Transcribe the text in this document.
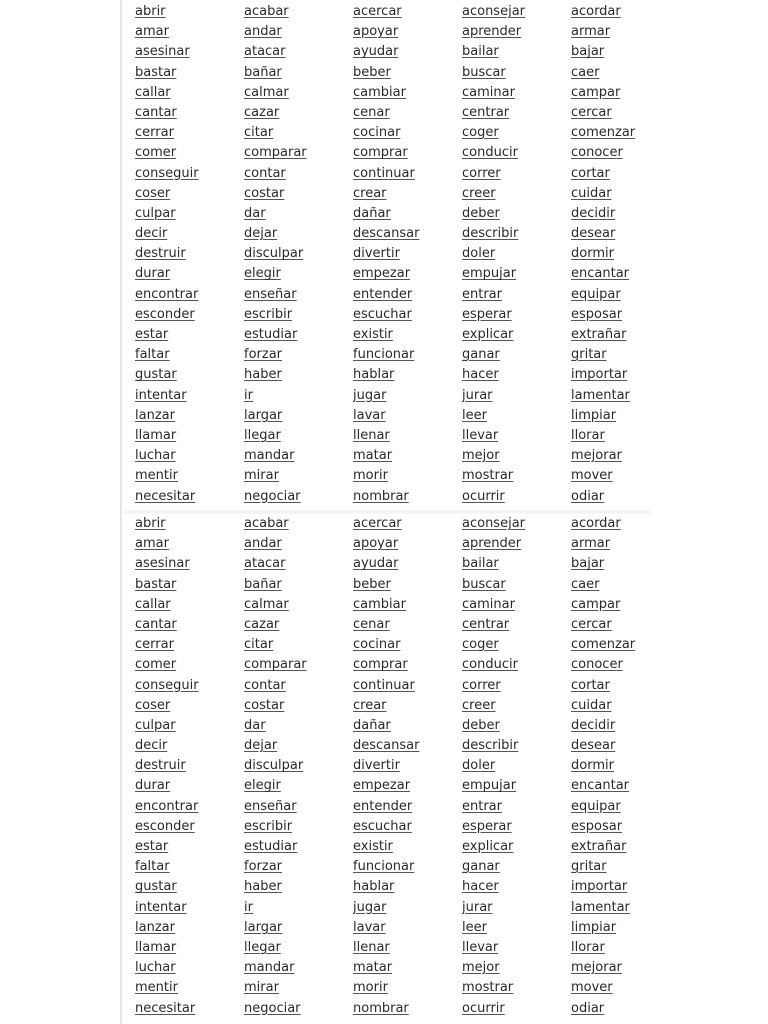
abrir	acabar	acercar	aconsejar	acordar
amar	andar	apoyar	aprender	armar
asesinar	atacar	ayudar	bailar	bajar
bastar	bañar	beber	buscar	caer
callar	calmar	cambiar	caminar	campar
cantar	cazar	cenar	centrar	cercar
cerrar	citar	cocinar	coger	comenzar
comer	comparar	comprar	conducir	conocer
conseguir	contar	continuar	correr	cortar
coser	costar	crear	creer	cuidar
culpar	dar	dañar	deber	decidir
decir	dejar	descansar	describir	desear
destruir	disculpar	divertir	doler	dormir
durar	elegir	empezar	empujar	encantar
encontrar	enseñar	entender	entrar	equipar
esconder	escribir	escuchar	esperar	esposar
estar	estudiar	existir	explicar	extrañar
faltar	forzar	funcionar	ganar	gritar
gustar	haber	hablar	hacer	importar
intentar	ir	jugar	jurar	lamentar
lanzar	largar	lavar	leer	limpiar
llamar	llegar	llenar	llevar	llorar
luchar	mandar	matar	mejor	mejorar
mentir	mirar	morir	mostrar	mover
necesitar	negociar	nombrar	ocurrir	odiar
abrir	acabar	acercar	aconsejar	acordar
amar	andar	apoyar	aprender	armar
asesinar	atacar	ayudar	bailar	bajar
bastar	bañar	beber	buscar	caer
callar	calmar	cambiar	caminar	campar
cantar	cazar	cenar	centrar	cercar
cerrar	citar	cocinar	coger	comenzar
comer	comparar	comprar	conducir	conocer
conseguir	contar	continuar	correr	cortar
coser	costar	crear	creer	cuidar
culpar	dar	dañar	deber	decidir
decir	dejar	descansar	describir	desear
destruir	disculpar	divertir	doler	dormir
durar	elegir	empezar	empujar	encantar
encontrar	enseñar	entender	entrar	equipar
esconder	escribir	escuchar	esperar	esposar
estar	estudiar	existir	explicar	extrañar
faltar	forzar	funcionar	ganar	gritar
gustar	haber	hablar	hacer	importar
intentar	ir	jugar	jurar	lamentar
lanzar	largar	lavar	leer	limpiar
llamar	llegar	llenar	llevar	llorar
luchar	mandar	matar	mejor	mejorar
mentir	mirar	morir	mostrar	mover
necesitar	negociar	nombrar	ocurrir	odiar
